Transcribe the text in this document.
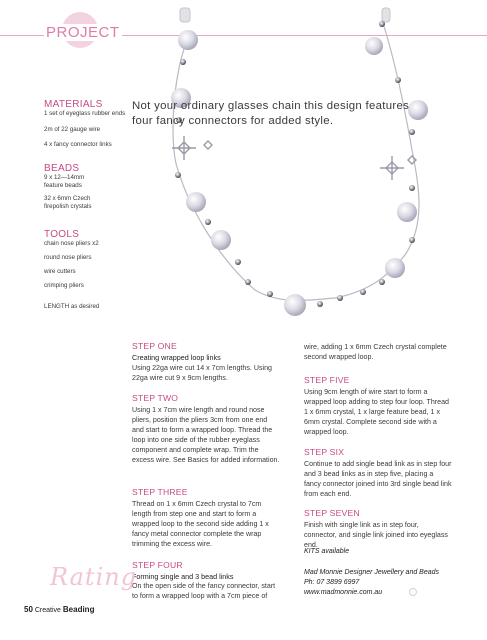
PROJECT
MATERIALS
1 set of eyeglass rubber ends
2m of 22 gauge wire
4 x fancy connector links
BEADS
9 x 12—14mm feature beads
32 x 6mm Czech firepolish crystals
TOOLS
chain nose pliers x2
round nose pliers
wire cutters
crimping pliers
LENGTH as desired
Not your ordinary glasses chain this design features four fancy connectors for added style.
STEP ONE
Creating wrapped loop links

Using 22ga wire cut 14 x 7cm lengths. Using 22ga wire cut 9 x 9cm lengths.

STEP TWO

Using 1 x 7cm wire length and round nose pliers, position the pliers 3cm from one end and start to form a wrapped loop. Thread the loop into one side of the rubber eyeglass component and complete wrap. Trim the excess wire. See Basics for added information.

STEP THREE

Thread on 1 x 6mm Czech crystal to 7cm length from step one and start to form a wrapped loop to the second side adding 1 x fancy metal connector complete the wrap trimming the excess wire.

STEP FOUR
Forming single and 3 bead links

On the open side of the fancy connector, start to form a wrapped loop with a 7cm piece of

wire, adding 1 x 6mm Czech crystal complete second wrapped loop.

STEP FIVE

Using 9cm length of wire start to form a wrapped loop adding to step four loop. Thread 1 x 6mm crystal, 1 x large feature bead, 1 x 6mm crystal. Complete second side with a wrapped loop.

STEP SIX

Continue to add single bead link as in step four and 3 bead links as in step five, placing a fancy connector joined into 3rd single bead link from each end.

STEP SEVEN

Finish with single link as in step four, connector, and single link joined into eyeglass end.

KITS available
Mad Monnie Designer Jewellery and Beads
Ph: 07 3899 6997
www.madmonnie.com.au
Rating
50 Creative Beading
